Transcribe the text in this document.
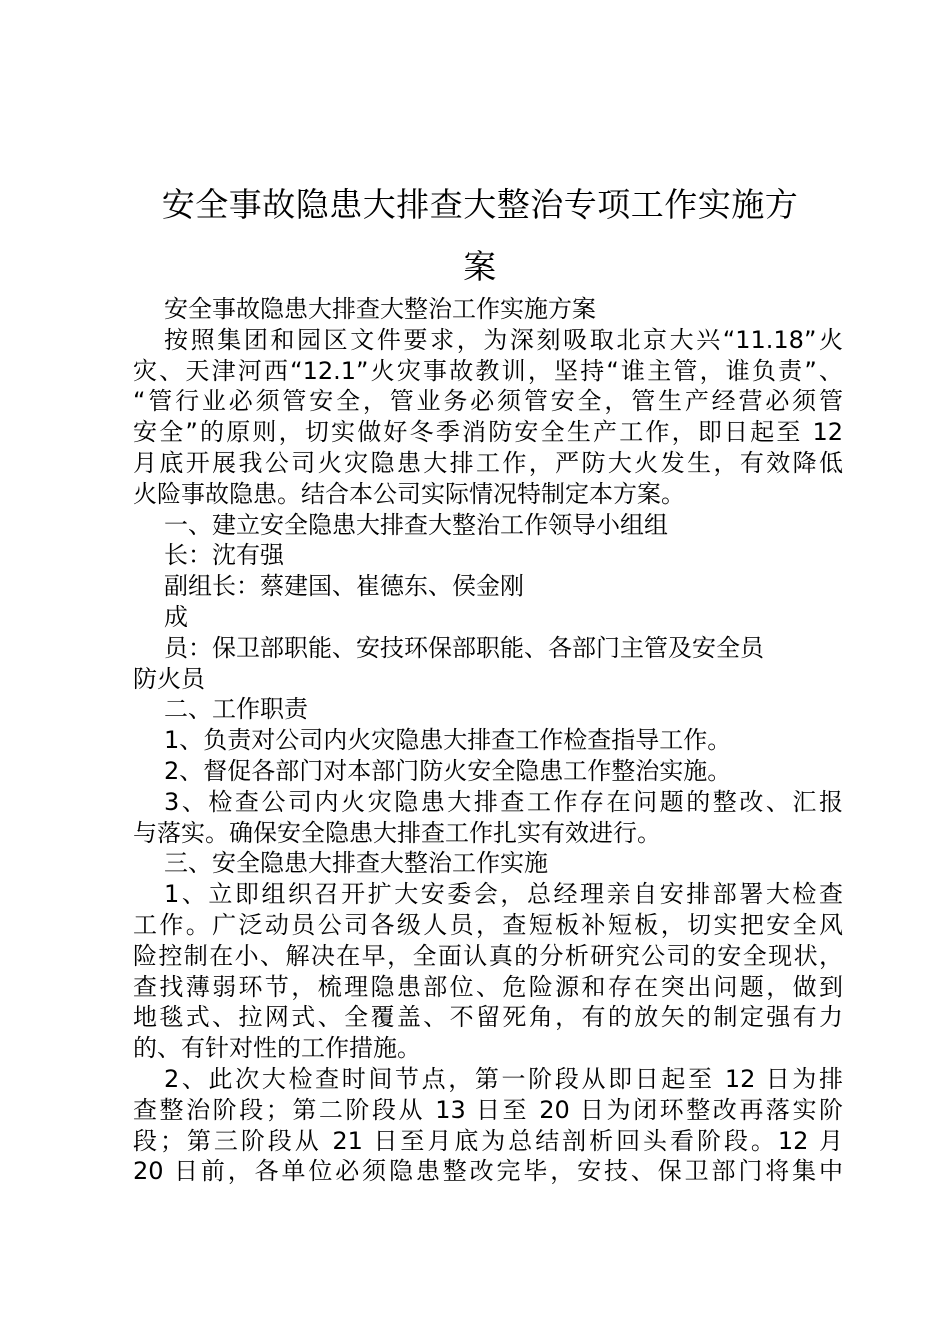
安全事故隐患大排查大整治专项工作实施方
案
安全事故隐患大排查大整治工作实施方案
按照集团和园区文件要求，为深刻吸取北京大兴“11.18”火
灾、天津河西“12.1”火灾事故教训，坚持“谁主管，谁负责”、
“管行业必须管安全，管业务必须管安全，管生产经营必须管
安全”的原则，切实做好冬季消防安全生产工作，即日起至 12
月底开展我公司火灾隐患大排工作，严防大火发生，有效降低
火险事故隐患。结合本公司实际情况特制定本方案。
一、建立安全隐患大排查大整治工作领导小组组
长：沈有强
副组长：蔡建国、崔德东、侯金刚
成
员：保卫部职能、安技环保部职能、各部门主管及安全员
防火员
二、工作职责
1、负责对公司内火灾隐患大排查工作检查指导工作。
2、督促各部门对本部门防火安全隐患工作整治实施。
3、检查公司内火灾隐患大排查工作存在问题的整改、汇报
与落实。确保安全隐患大排查工作扎实有效进行。
三、安全隐患大排查大整治工作实施
1、立即组织召开扩大安委会，总经理亲自安排部署大检查
工作。广泛动员公司各级人员，查短板补短板，切实把安全风
险控制在小、解决在早，全面认真的分析研究公司的安全现状，
查找薄弱环节，梳理隐患部位、危险源和存在突出问题，做到
地毯式、拉网式、全覆盖、不留死角，有的放矢的制定强有力
的、有针对性的工作措施。
2、此次大检查时间节点，第一阶段从即日起至 12 日为排
查整治阶段；第二阶段从 13 日至 20 日为闭环整改再落实阶
段；第三阶段从 21 日至月底为总结剖析回头看阶段。12 月
20 日前，各单位必须隐患整改完毕，安技、保卫部门将集中
